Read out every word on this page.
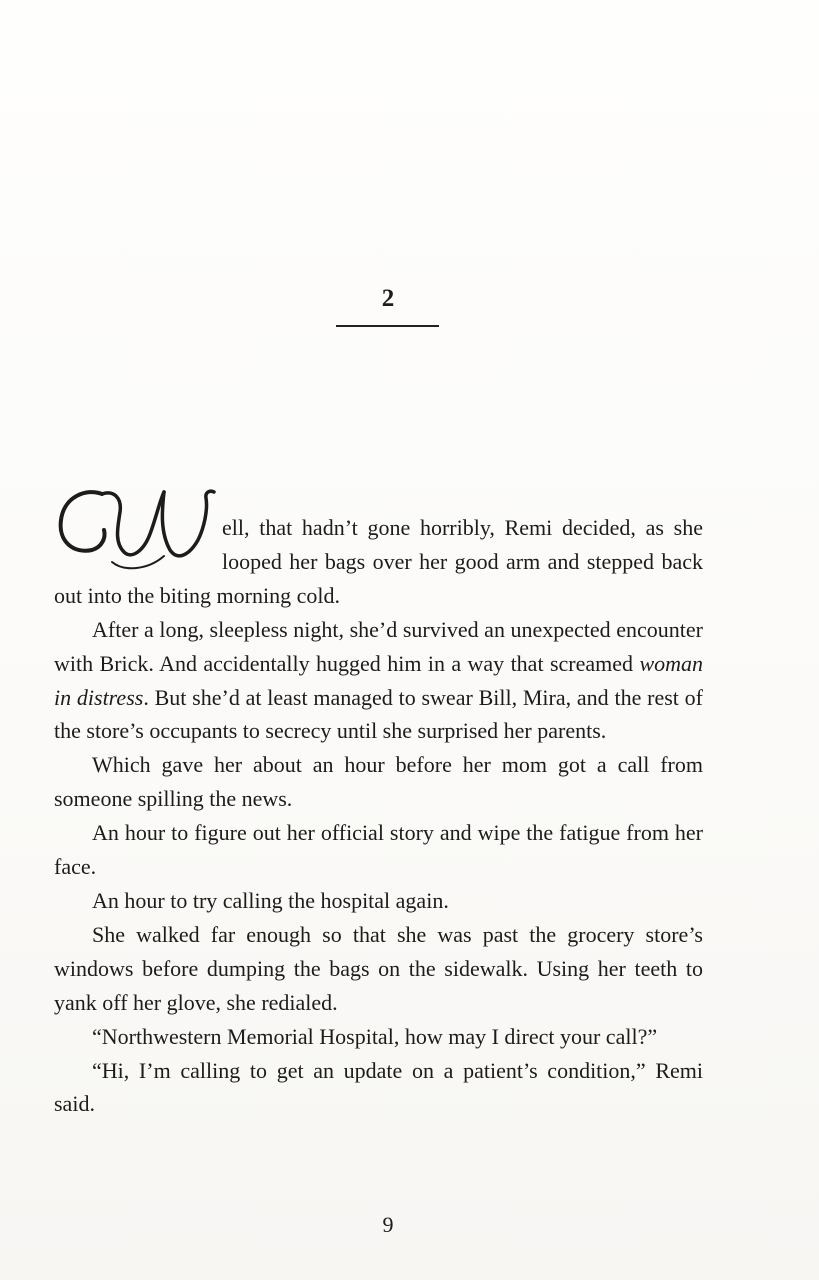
2

ell, that hadn’t gone horribly, Remi decided, as she looped her bags over her good arm and stepped back out into the biting morning cold.

After a long, sleepless night, she’d survived an unexpected encounter with Brick. And accidentally hugged him in a way that screamed woman in distress. But she’d at least managed to swear Bill, Mira, and the rest of the store’s occupants to secrecy until she surprised her parents.

Which gave her about an hour before her mom got a call from someone spilling the news.

An hour to figure out her official story and wipe the fatigue from her face.

An hour to try calling the hospital again.

She walked far enough so that she was past the grocery store’s windows before dumping the bags on the sidewalk. Using her teeth to yank off her glove, she redialed.

“Northwestern Memorial Hospital, how may I direct your call?”

“Hi, I’m calling to get an update on a patient’s condition,” Remi said.

9
